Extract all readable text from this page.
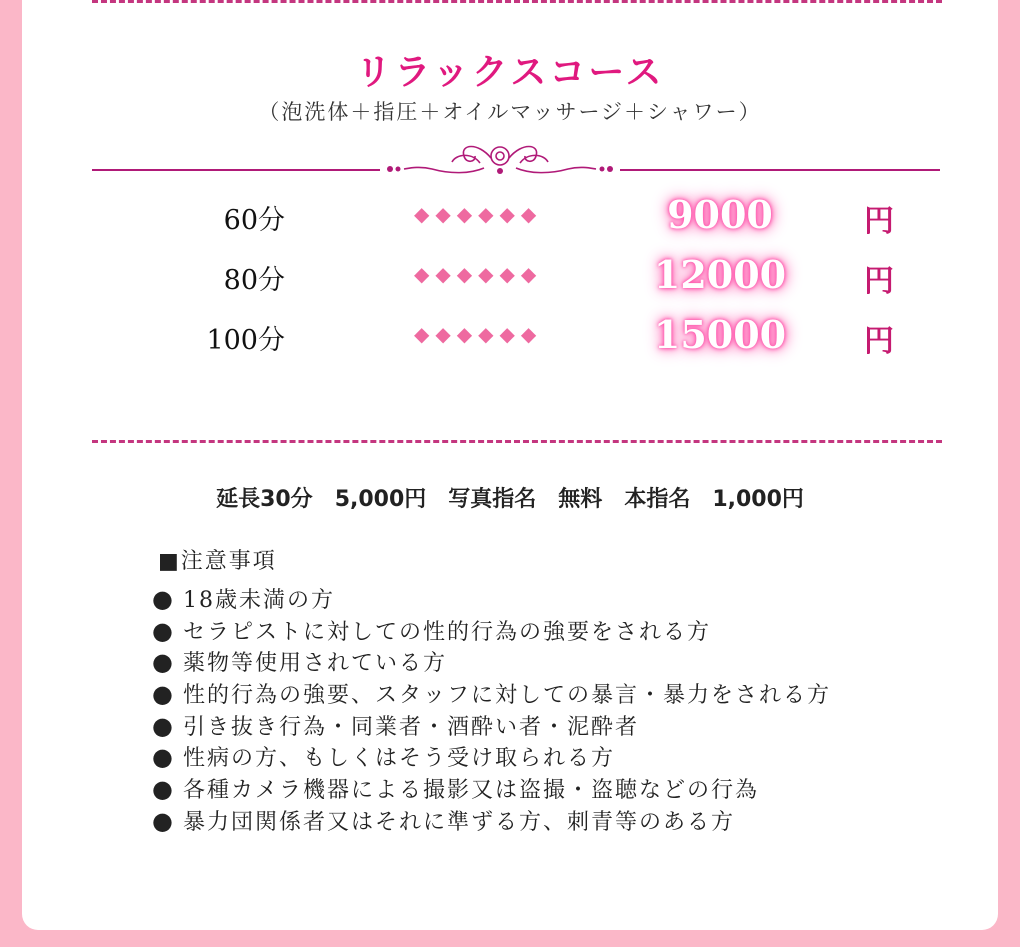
リラックスコース
（泡洗体＋指圧＋オイルマッサージ＋シャワー）
60分	◆◆◆◆◆◆	9000	円
80分	◆◆◆◆◆◆	12000	円
100分	◆◆◆◆◆◆	15000	円
延長30分 5,000円 写真指名 無料 本指名 1,000円
■注意事項
● 18歳未満の方
● セラピストに対しての性的行為の強要をされる方
● 薬物等使用されている方
● 性的行為の強要、スタッフに対しての暴言・暴力をされる方
● 引き抜き行為・同業者・酒酔い者・泥酔者
● 性病の方、もしくはそう受け取られる方
● 各種カメラ機器による撮影又は盗撮・盗聴などの行為
● 暴力団関係者又はそれに準ずる方、刺青等のある方
